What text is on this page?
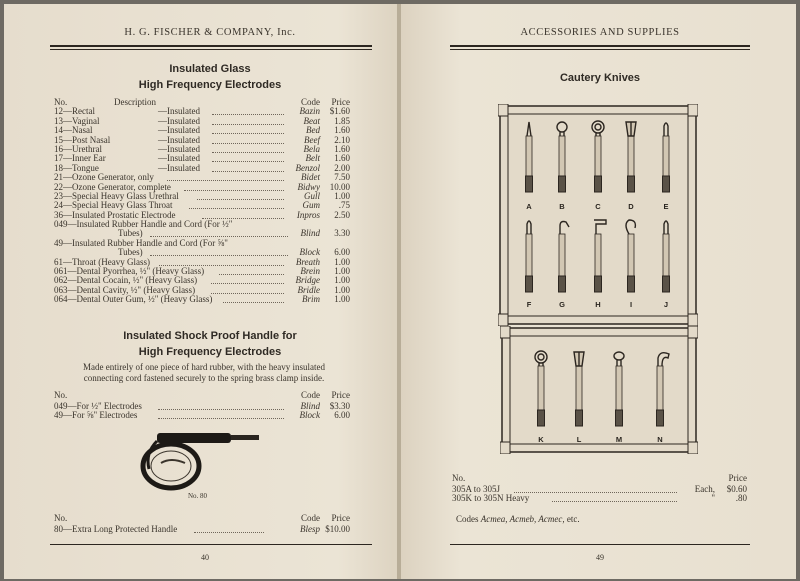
H. G. FISCHER & COMPANY, Inc.
Insulated Glass
High Frequency Electrodes
No.	Description	Code	Price
12—Rectal	—Insulated	Bazin	$1.60
13—Vaginal	—Insulated	Beat	1.85
14—Nasal	—Insulated	Bed	1.60
15—Post Nasal	—Insulated	Beef	2.10
16—Urethral	—Insulated	Bela	1.60
17—Inner Ear	—Insulated	Belt	1.60
18—Tongue	—Insulated	Benzol	2.00
21—Ozone Generator, only	Bidet	7.50
22—Ozone Generator, complete	Bidwy	10.00
23—Special Heavy Glass Urethral	Gull	1.00
24—Special Heavy Glass Throat	Gum	.75
36—Insulated Prostatic Electrode	Inpros	2.50
049—Insulated Rubber Handle and Cord (For ½"
Tubes)	Blind	3.30
49—Insulated Rubber Handle and Cord (For ⅝"
Tubes)	Block	6.00
61—Throat (Heavy Glass)	Breath	1.00
061—Dental Pyorrhea, ½" (Heavy Glass)	Brein	1.00
062—Dental Cocain, ½" (Heavy Glass)	Bridge	1.00
063—Dental Cavity, ½" (Heavy Glass)	Bridle	1.00
064—Dental Outer Gum, ½" (Heavy Glass)	Brim	1.00
Insulated Shock Proof Handle for
High Frequency Electrodes
Made entirely of one piece of hard rubber, with the heavy insulated
connecting cord fastened securely to the spring brass clamp inside.
No.	Code	Price
049—For ½" Electrodes	Blind	$3.30
49—For ⅝" Electrodes	Block	6.00
No. 80
No.	Code	Price
80—Extra Long Protected Handle	Blesp $10.00
40
ACCESSORIES AND SUPPLIES
Cautery Knives
A	B	C	D	E
F	G	H	I	J
K	L	M	N
No.	Price
305A to 305J	Each,	$0.60
305K to 305N Heavy	"	.80
Codes Acmea, Acmeb, Acmec, etc.
49
